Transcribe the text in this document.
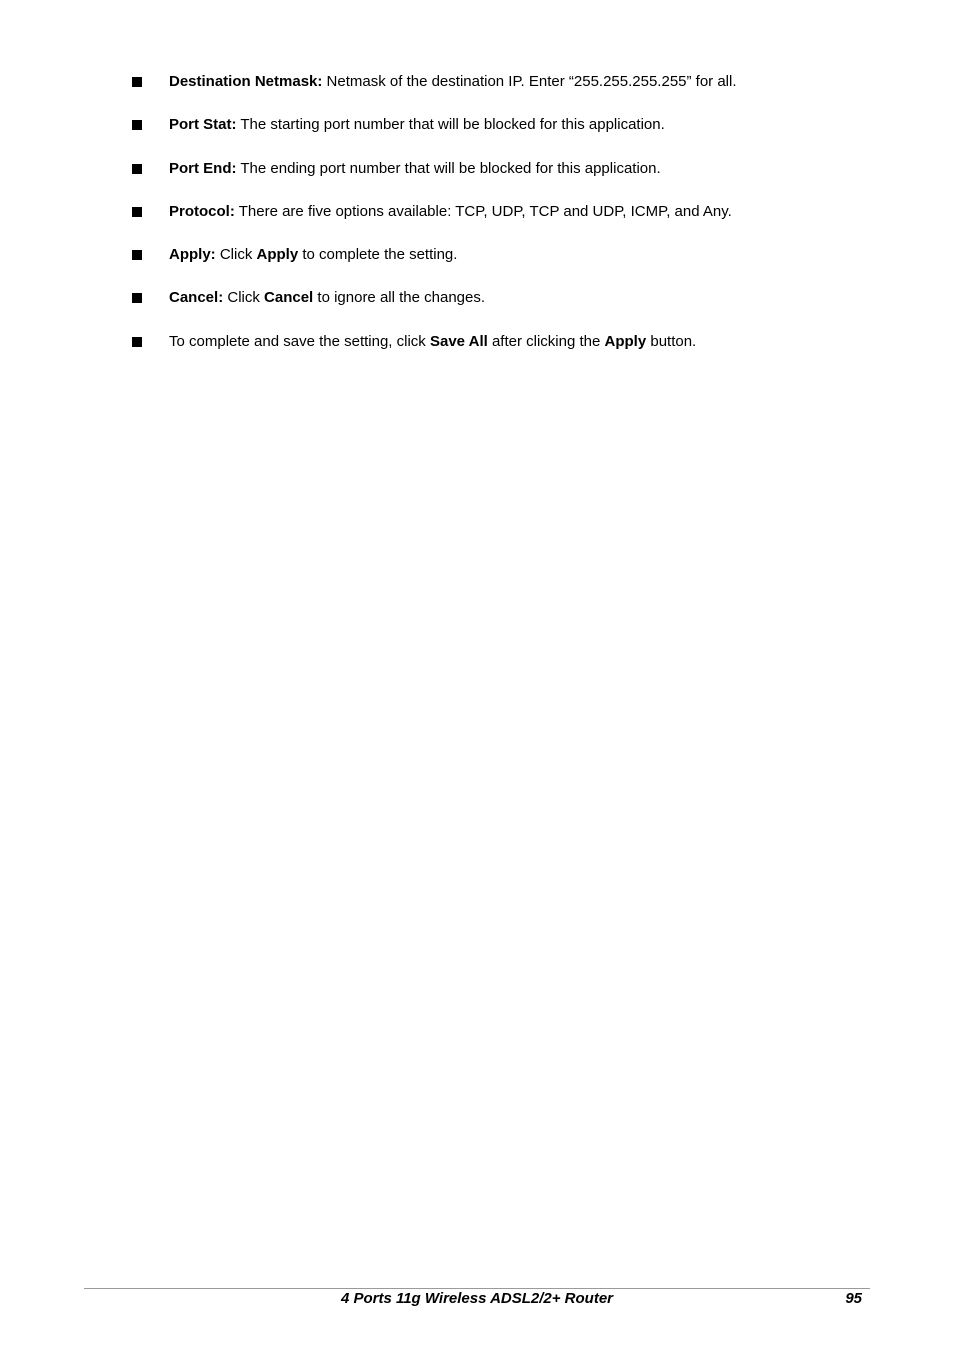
Destination Netmask: Netmask of the destination IP. Enter “255.255.255.255” for all.
Port Stat: The starting port number that will be blocked for this application.
Port End: The ending port number that will be blocked for this application.
Protocol: There are five options available: TCP, UDP, TCP and UDP, ICMP, and Any.
Apply: Click Apply to complete the setting.
Cancel: Click Cancel to ignore all the changes.
To complete and save the setting, click Save All after clicking the Apply button.
4 Ports 11g Wireless ADSL2/2+ Router	95
